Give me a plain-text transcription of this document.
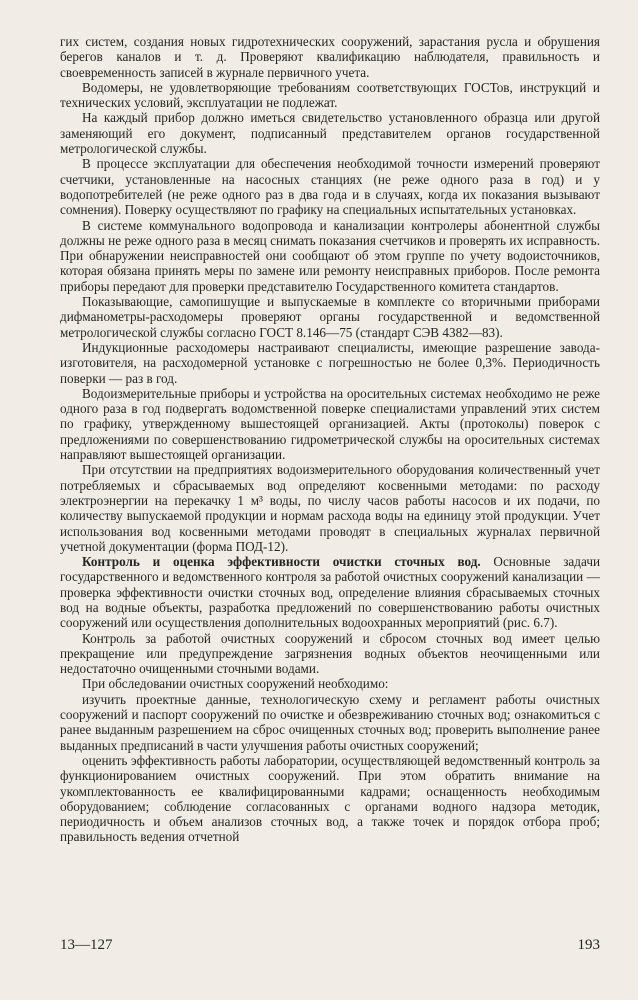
гих систем, создания новых гидротехнических сооружений, зарастания русла и обрушения берегов каналов и т. д. Проверяют квалификацию наблюдателя, правильность и своевременность записей в журнале первичного учета.

Водомеры, не удовлетворяющие требованиям соответствующих ГОСТов, инструкций и технических условий, эксплуатации не подлежат.

На каждый прибор должно иметься свидетельство установленного образца или другой заменяющий его документ, подписанный представителем органов государственной метрологической службы.

В процессе эксплуатации для обеспечения необходимой точности измерений проверяют счетчики, установленные на насосных станциях (не реже одного раза в год) и у водопотребителей (не реже одного раз в два года и в случаях, когда их показания вызывают сомнения). Поверку осуществляют по графику на специальных испытательных установках.

В системе коммунального водопровода и канализации контролеры абонентной службы должны не реже одного раза в месяц снимать показания счетчиков и проверять их исправность. При обнаружении неисправностей они сообщают об этом группе по учету водоисточников, которая обязана принять меры по замене или ремонту неисправных приборов. После ремонта приборы передают для проверки представителю Государственного комитета стандартов.

Показывающие, самопишущие и выпускаемые в комплекте со вторичными приборами дифманометры-расходомеры проверяют органы государственной и ведомственной метрологической службы согласно ГОСТ 8.146—75 (стандарт СЭВ 4382—83).

Индукционные расходомеры настраивают специалисты, имеющие разрешение завода-изготовителя, на расходомерной установке с погрешностью не более 0,3%. Периодичность поверки — раз в год.

Водоизмерительные приборы и устройства на оросительных системах необходимо не реже одного раза в год подвергать водомственной поверке специалистами управлений этих систем по графику, утвержденному вышестоящей организацией. Акты (протоколы) поверок с предложениями по совершенствованию гидрометрической службы на оросительных системах направляют вышестоящей организации.

При отсутствии на предприятиях водоизмерительного оборудования количественный учет потребляемых и сбрасываемых вод определяют косвенными методами: по расходу электроэнергии на перекачку 1 м³ воды, по числу часов работы насосов и их подачи, по количеству выпускаемой продукции и нормам расхода воды на единицу этой продукции. Учет использования вод косвенными методами проводят в специальных журналах первичной учетной документации (форма ПОД-12).

Контроль и оценка эффективности очистки сточных вод. Основные задачи государственного и ведомственного контроля за работой очистных сооружений канализации — проверка эффективности очистки сточных вод, определение влияния сбрасываемых сточных вод на водные объекты, разработка предложений по совершенствованию работы очистных сооружений или осуществления дополнительных водоохранных мероприятий (рис. 6.7).

Контроль за работой очистных сооружений и сбросом сточных вод имеет целью прекращение или предупреждение загрязнения водных объектов неочищенными или недостаточно очищенными сточными водами.

При обследовании очистных сооружений необходимо:

изучить проектные данные, технологическую схему и регламент работы очистных сооружений и паспорт сооружений по очистке и обезвреживанию сточных вод; ознакомиться с ранее выданным разрешением на сброс очищенных сточных вод; проверить выполнение ранее выданных предписаний в части улучшения работы очистных сооружений;

оценить эффективность работы лаборатории, осуществляющей ведомственный контроль за функционированием очистных сооружений. При этом обратить внимание на укомплектованность ее квалифицированными кадрами; оснащенность необходимым оборудованием; соблюдение согласованных с органами водного надзора методик, периодичность и объем анализов сточных вод, а также точек и порядок отбора проб; правильность ведения отчетной

13—127	193
